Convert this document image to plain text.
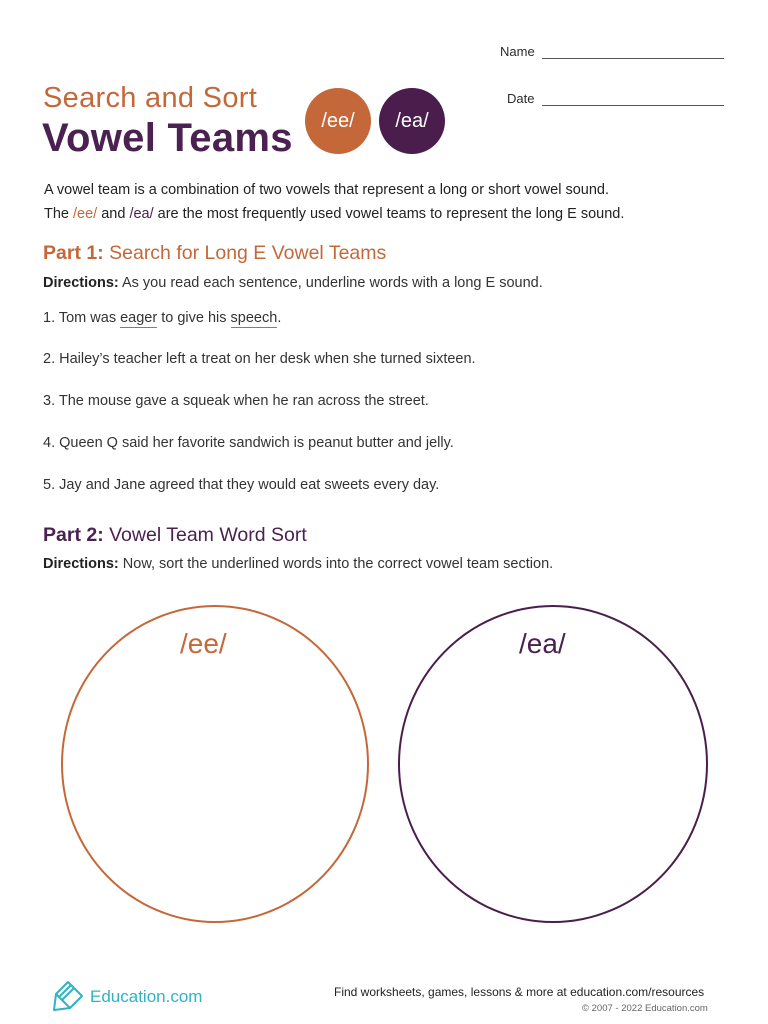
Name
Date
Search and Sort
Vowel Teams /ee/ /ea/

A vowel team is a combination of two vowels that represent a long or short vowel sound.

The /ee/ and /ea/ are the most frequently used vowel teams to represent the long E sound.

Part 1: Search for Long E Vowel Teams
Directions: As you read each sentence, underline words with a long E sound.
1. Tom was eager to give his speech.
2. Hailey’s teacher left a treat on her desk when she turned sixteen.
3. The mouse gave a squeak when he ran across the street.
4. Queen Q said her favorite sandwich is peanut butter and jelly.
5. Jay and Jane agreed that they would eat sweets every day.
Part 2: Vowel Team Word Sort
Directions: Now, sort the underlined words into the correct vowel team section.
/ee/	/ea/
Education.com	Find worksheets, games, lessons & more at education.com/resources
© 2007 - 2022 Education.com
